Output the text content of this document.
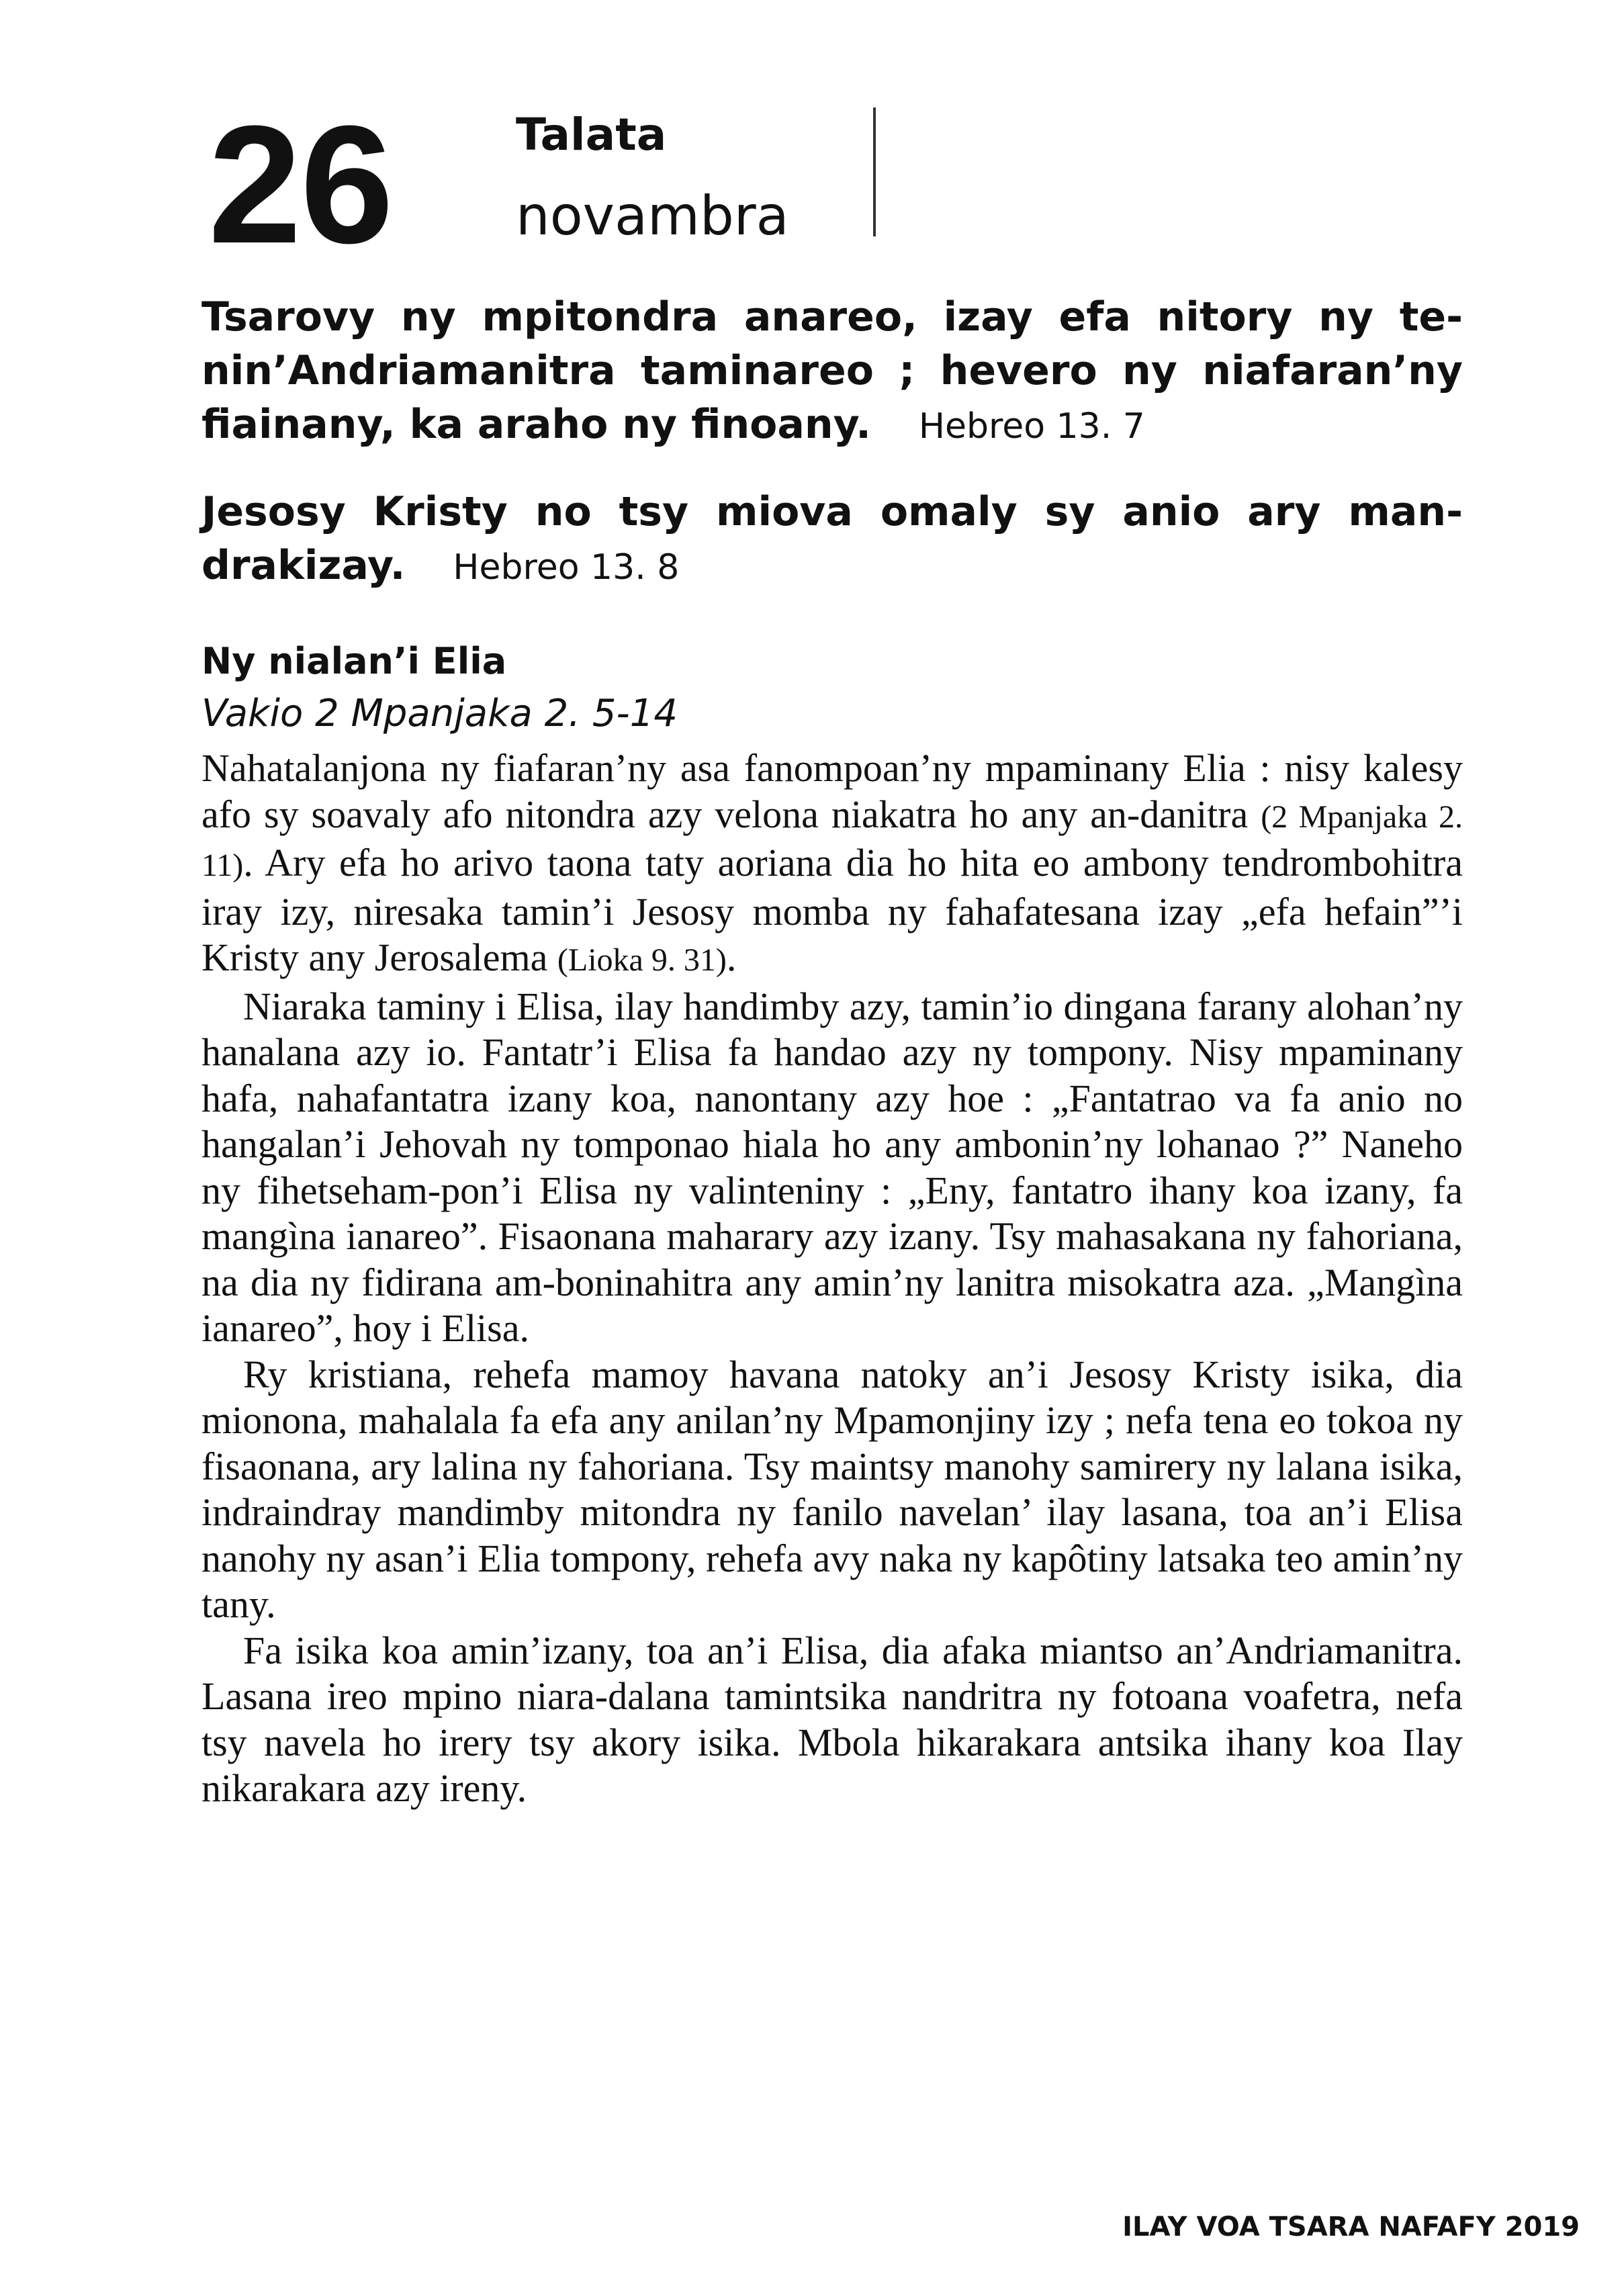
26	Talata
novambra
Tsarovy ny mpitondra anareo, izay efa nitory ny tenin’Andriamanitra taminareo ; hevero ny niafaran’ny fiainany, ka araho ny finoany. Hebreo 13. 7
Jesosy Kristy no tsy miova omaly sy anio ary mandrakizay. Hebreo 13. 8
Ny nialan’i Elia
Vakio 2 Mpanjaka 2. 5-14

Nahatalanjona ny fiafaran’ny asa fanompoan’ny mpaminany Elia : nisy kalesy afo sy soavaly afo nitondra azy velona niakatra ho any an-danitra (2 Mpanjaka 2. 11). Ary efa ho arivo taona taty aoriana dia ho hita eo ambony tendrombohitra iray izy, niresaka tamin’i Jesosy momba ny fahafatesana izay „efa hefain”’i Kristy any Jerosalema (Lioka 9. 31).

Niaraka taminy i Elisa, ilay handimby azy, tamin’io dingana farany alohan’ny hanalana azy io. Fantatr’i Elisa fa handao azy ny tompony. Nisy mpaminany hafa, nahafantatra izany koa, nanontany azy hoe : „Fantatrao va fa anio no hangalan’i Jehovah ny tomponao hiala ho any ambonin’ny lohanao ?” Naneho ny fihetseham-pon’i Elisa ny valinteniny : „Eny, fantatro ihany koa izany, fa mangìna ianareo”. Fisaonana maharary azy izany. Tsy mahasakana ny fahoriana, na dia ny fidirana am-boninahitra any amin’ny lanitra misokatra aza. „Mangìna ianareo”, hoy i Elisa.

Ry kristiana, rehefa mamoy havana natoky an’i Jesosy Kristy isika, dia mionona, mahalala fa efa any anilan’ny Mpamonjiny izy ; nefa tena eo tokoa ny fisaonana, ary lalina ny fahoriana. Tsy maintsy manohy samirery ny lalana isika, indraindray mandimby mitondra ny fanilo navelan’ ilay lasana, toa an’i Elisa nanohy ny asan’i Elia tompony, rehefa avy naka ny kapôtiny latsaka teo amin’ny tany.

Fa isika koa amin’izany, toa an’i Elisa, dia afaka miantso an’Andriamanitra. Lasana ireo mpino niara-dalana tamintsika nandritra ny fotoana voafetra, nefa tsy navela ho irery tsy akory isika. Mbola hikarakara antsika ihany koa Ilay nikarakara azy ireny.

ILAY VOA TSARA NAFAFY 2019
